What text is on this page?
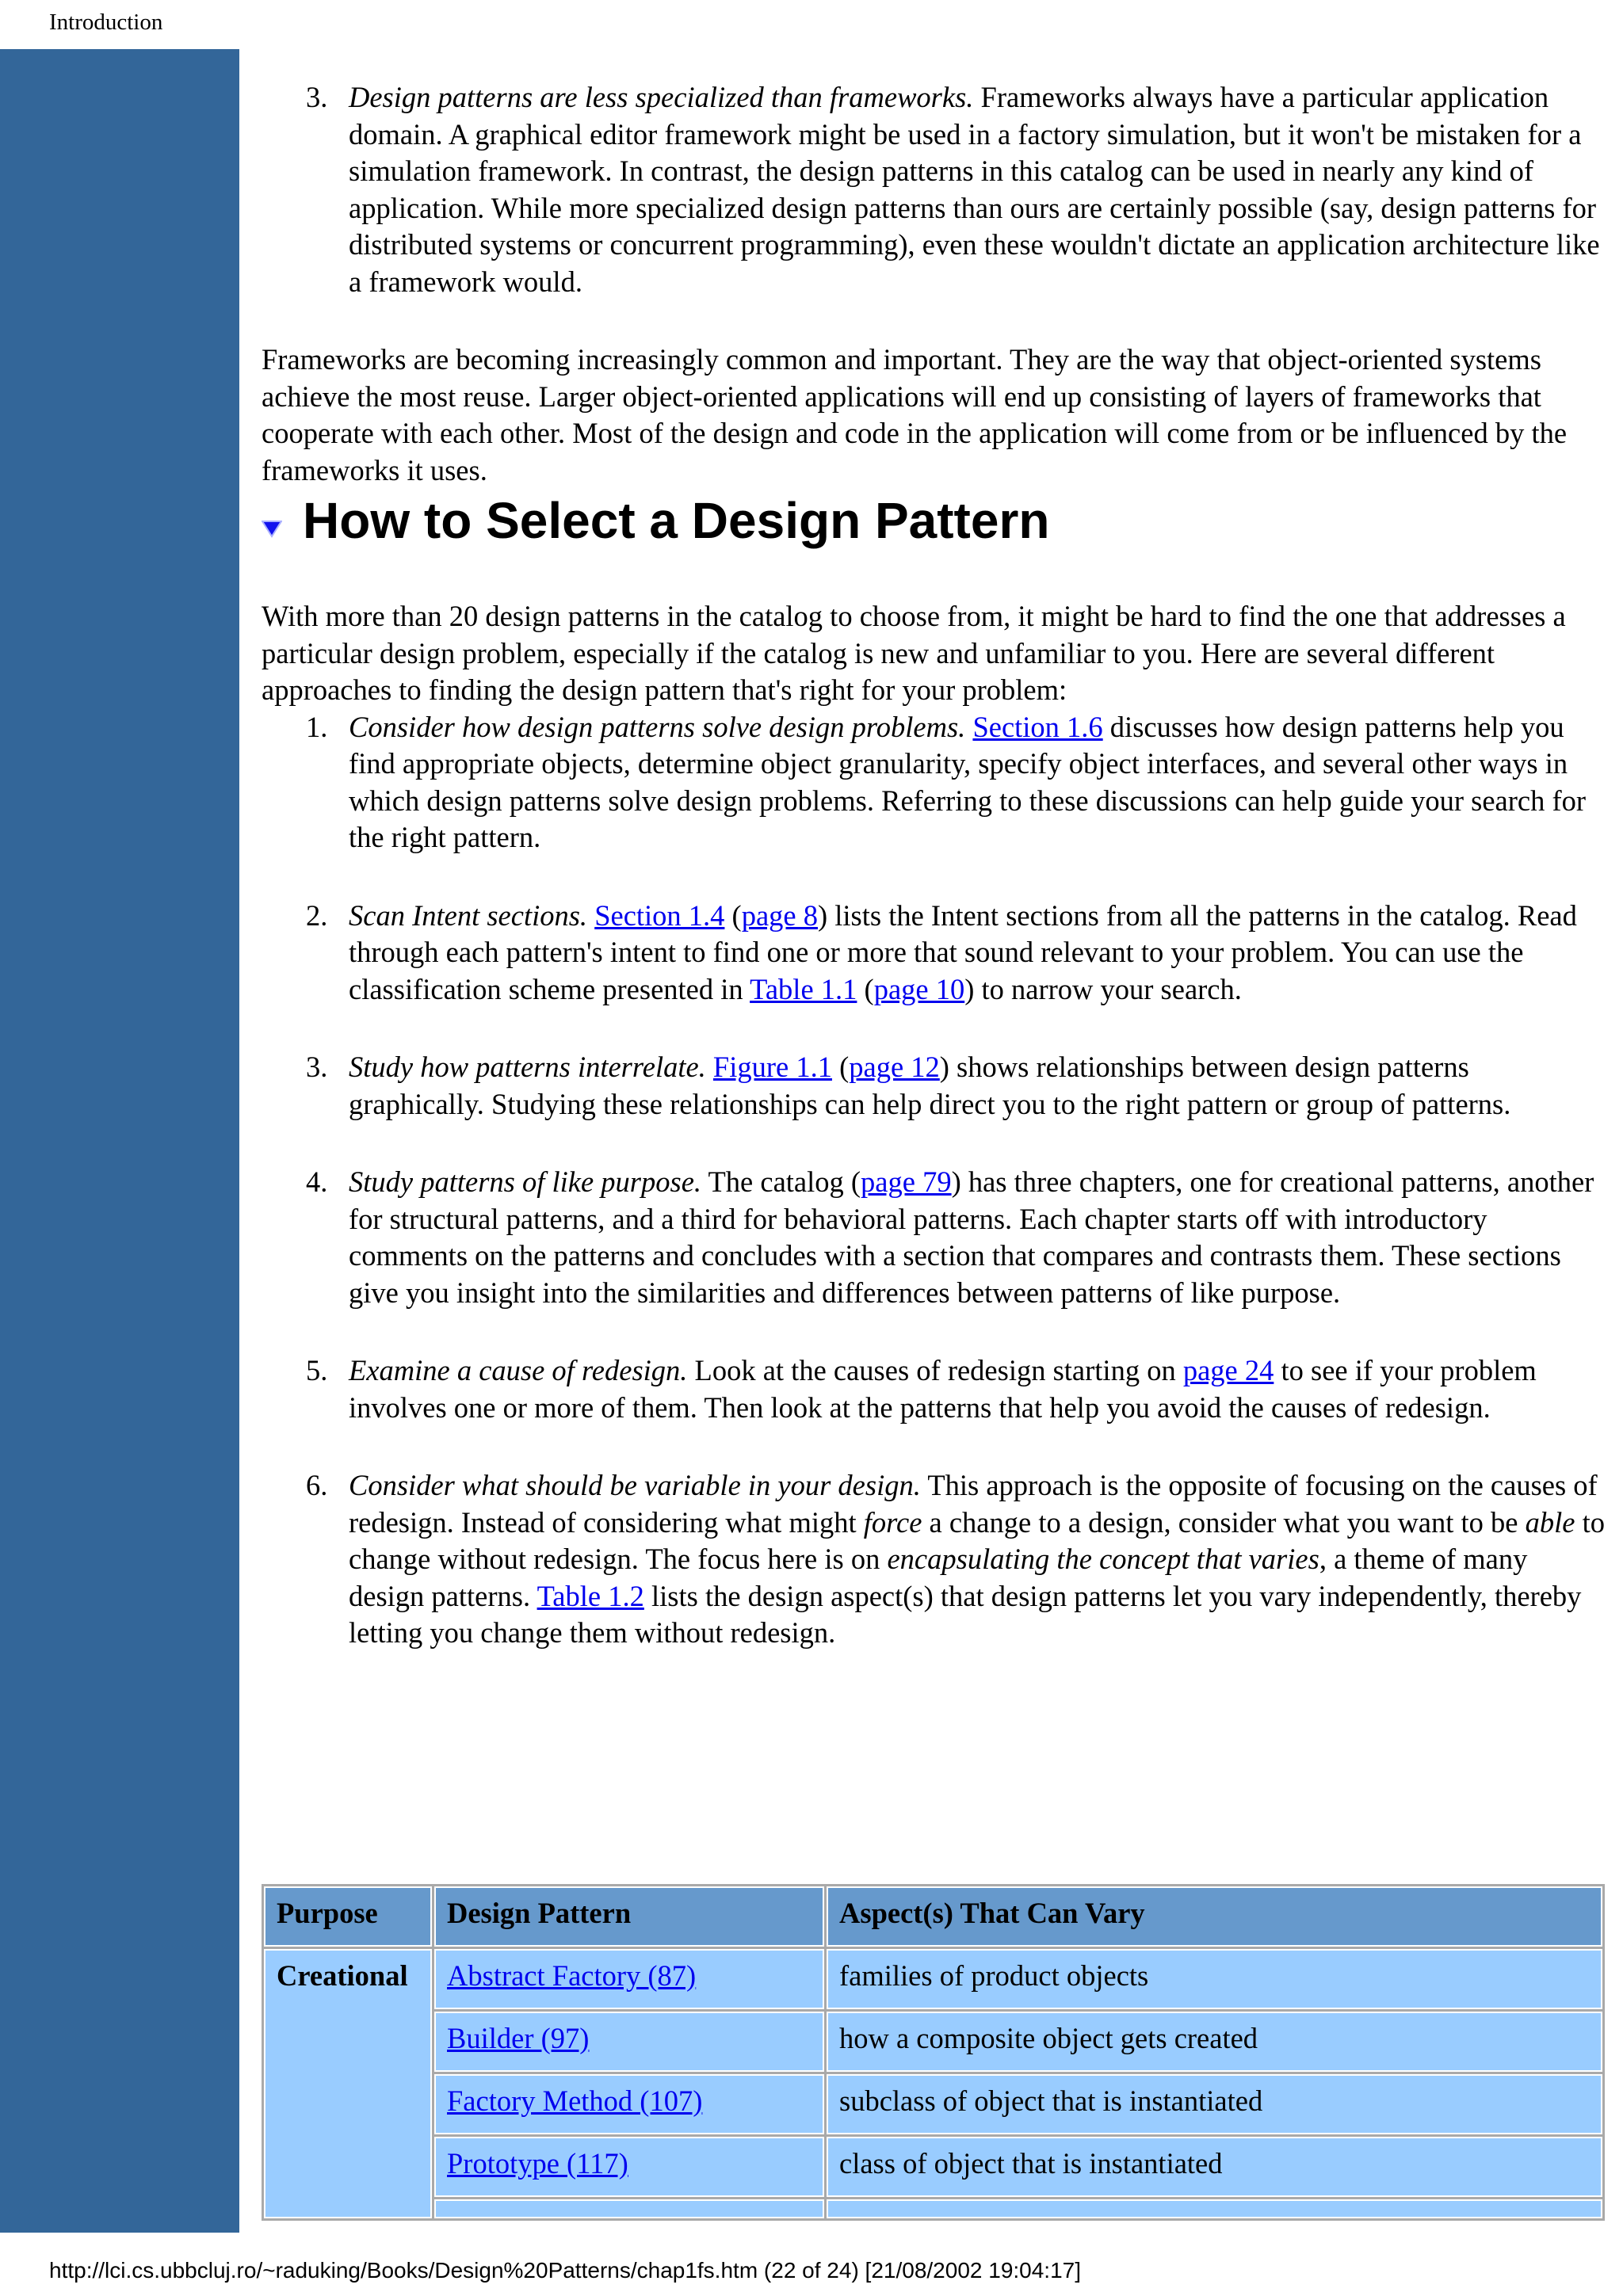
Introduction
3. Design patterns are less specialized than frameworks. Frameworks always have a particular application domain. A graphical editor framework might be used in a factory simulation, but it won't be mistaken for a simulation framework. In contrast, the design patterns in this catalog can be used in nearly any kind of application. While more specialized design patterns than ours are certainly possible (say, design patterns for distributed systems or concurrent programming), even these wouldn't dictate an application architecture like a framework would.

Frameworks are becoming increasingly common and important. They are the way that object-oriented systems achieve the most reuse. Larger object-oriented applications will end up consisting of layers of frameworks that cooperate with each other. Most of the design and code in the application will come from or be influenced by the frameworks it uses.

How to Select a Design Pattern

With more than 20 design patterns in the catalog to choose from, it might be hard to find the one that addresses a particular design problem, especially if the catalog is new and unfamiliar to you. Here are several different approaches to finding the design pattern that's right for your problem:

1. Consider how design patterns solve design problems. Section 1.6 discusses how design patterns help you find appropriate objects, determine object granularity, specify object interfaces, and several other ways in which design patterns solve design problems. Referring to these discussions can help guide your search for the right pattern.
2. Scan Intent sections. Section 1.4 (page 8) lists the Intent sections from all the patterns in the catalog. Read through each pattern's intent to find one or more that sound relevant to your problem. You can use the classification scheme presented in Table 1.1 (page 10) to narrow your search.
3. Study how patterns interrelate. Figure 1.1 (page 12) shows relationships between design patterns graphically. Studying these relationships can help direct you to the right pattern or group of patterns.
4. Study patterns of like purpose. The catalog (page 79) has three chapters, one for creational patterns, another for structural patterns, and a third for behavioral patterns. Each chapter starts off with introductory comments on the patterns and concludes with a section that compares and contrasts them. These sections give you insight into the similarities and differences between patterns of like purpose.
5. Examine a cause of redesign. Look at the causes of redesign starting on page 24 to see if your problem involves one or more of them. Then look at the patterns that help you avoid the causes of redesign.
6. Consider what should be variable in your design. This approach is the opposite of focusing on the causes of redesign. Instead of considering what might force a change to a design, consider what you want to be able to change without redesign. The focus here is on encapsulating the concept that varies, a theme of many design patterns. Table 1.2 lists the design aspect(s) that design patterns let you vary independently, thereby letting you change them without redesign.
Purpose	Design Pattern	Aspect(s) That Can Vary
Creational	Abstract Factory (87)	families of product objects
	Builder (97)	how a composite object gets created
	Factory Method (107)	subclass of object that is instantiated
	Prototype (117)	class of object that is instantiated

http://lci.cs.ubbcluj.ro/~raduking/Books/Design%20Patterns/chap1fs.htm (22 of 24) [21/08/2002 19:04:17]
